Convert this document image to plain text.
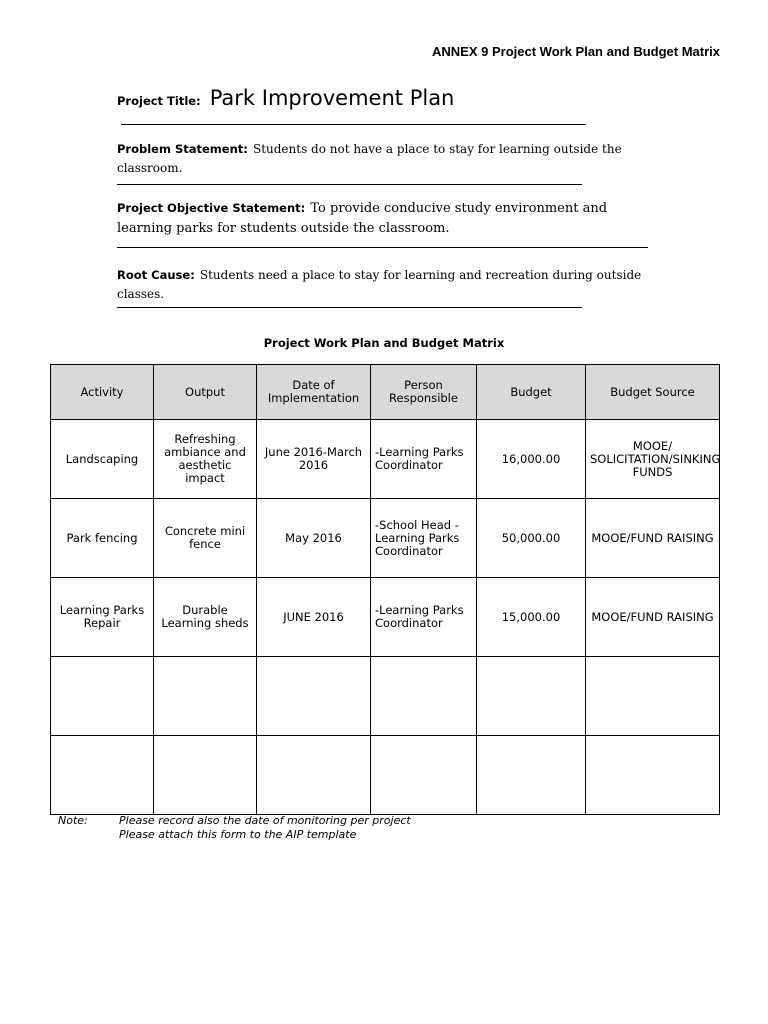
ANNEX 9 Project Work Plan and Budget Matrix
Project Title: Park Improvement Plan
Problem Statement: Students do not have a place to stay for learning outside the classroom.
Project Objective Statement: To provide conducive study environment and learning parks for students outside the classroom.
Root Cause: Students need a place to stay for learning and recreation during outside classes.
Project Work Plan and Budget Matrix
Activity	Output	Date of Implementation	Person Responsible	Budget	Budget Source
Landscaping	Refreshing ambiance and aesthetic impact	June 2016-March 2016	-Learning Parks Coordinator	16,000.00	MOOE/ SOLICITATION/SINKING FUNDS
Park fencing	Concrete mini fence	May 2016	-School Head -Learning Parks Coordinator	50,000.00	MOOE/FUND RAISING
Learning Parks Repair	Durable Learning sheds	JUNE 2016	-Learning Parks Coordinator	15,000.00	MOOE/FUND RAISING

Note:	Please record also the date of monitoring per project
Please attach this form to the AIP template
